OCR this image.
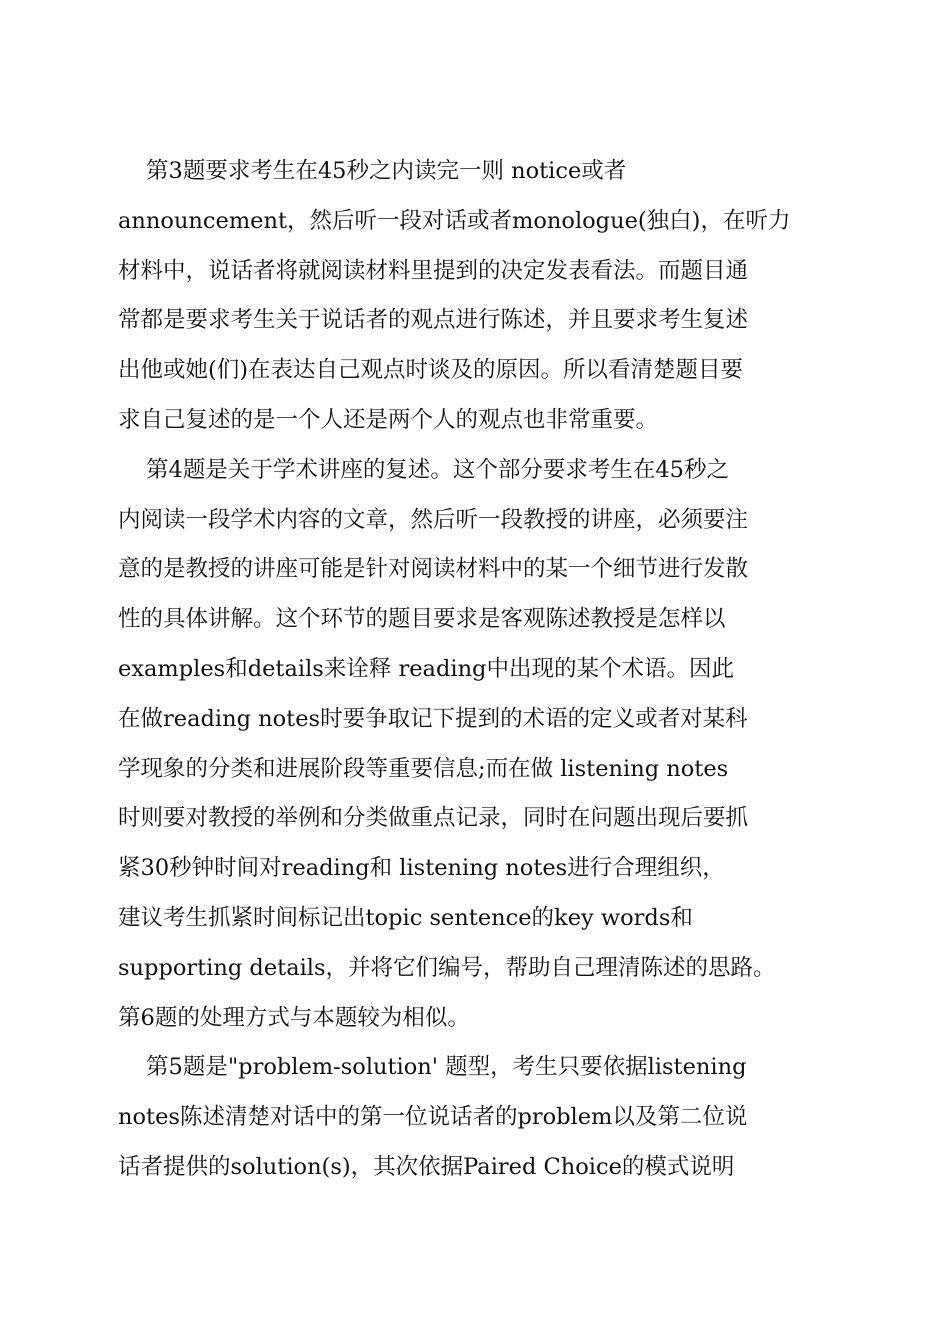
第3题要求考生在45秒之内读完一则 notice或者
announcement，然后听一段对话或者monologue(独白)，在听力
材料中，说话者将就阅读材料里提到的决定发表看法。而题目通
常都是要求考生关于说话者的观点进行陈述，并且要求考生复述
出他或她(们)在表达自己观点时谈及的原因。所以看清楚题目要
求自己复述的是一个人还是两个人的观点也非常重要。
第4题是关于学术讲座的复述。这个部分要求考生在45秒之
内阅读一段学术内容的文章，然后听一段教授的讲座，必须要注
意的是教授的讲座可能是针对阅读材料中的某一个细节进行发散
性的具体讲解。这个环节的题目要求是客观陈述教授是怎样以
examples和details来诠释 reading中出现的某个术语。因此
在做reading notes时要争取记下提到的术语的定义或者对某科
学现象的分类和进展阶段等重要信息;而在做 listening notes
时则要对教授的举例和分类做重点记录，同时在问题出现后要抓
紧30秒钟时间对reading和 listening notes进行合理组织，
建议考生抓紧时间标记出topic sentence的key words和
supporting details，并将它们编号，帮助自己理清陈述的思路。
第6题的处理方式与本题较为相似。
第5题是"problem-solution' 题型，考生只要依据listening
notes陈述清楚对话中的第一位说话者的problem以及第二位说
话者提供的solution(s)，其次依据Paired Choice的模式说明
